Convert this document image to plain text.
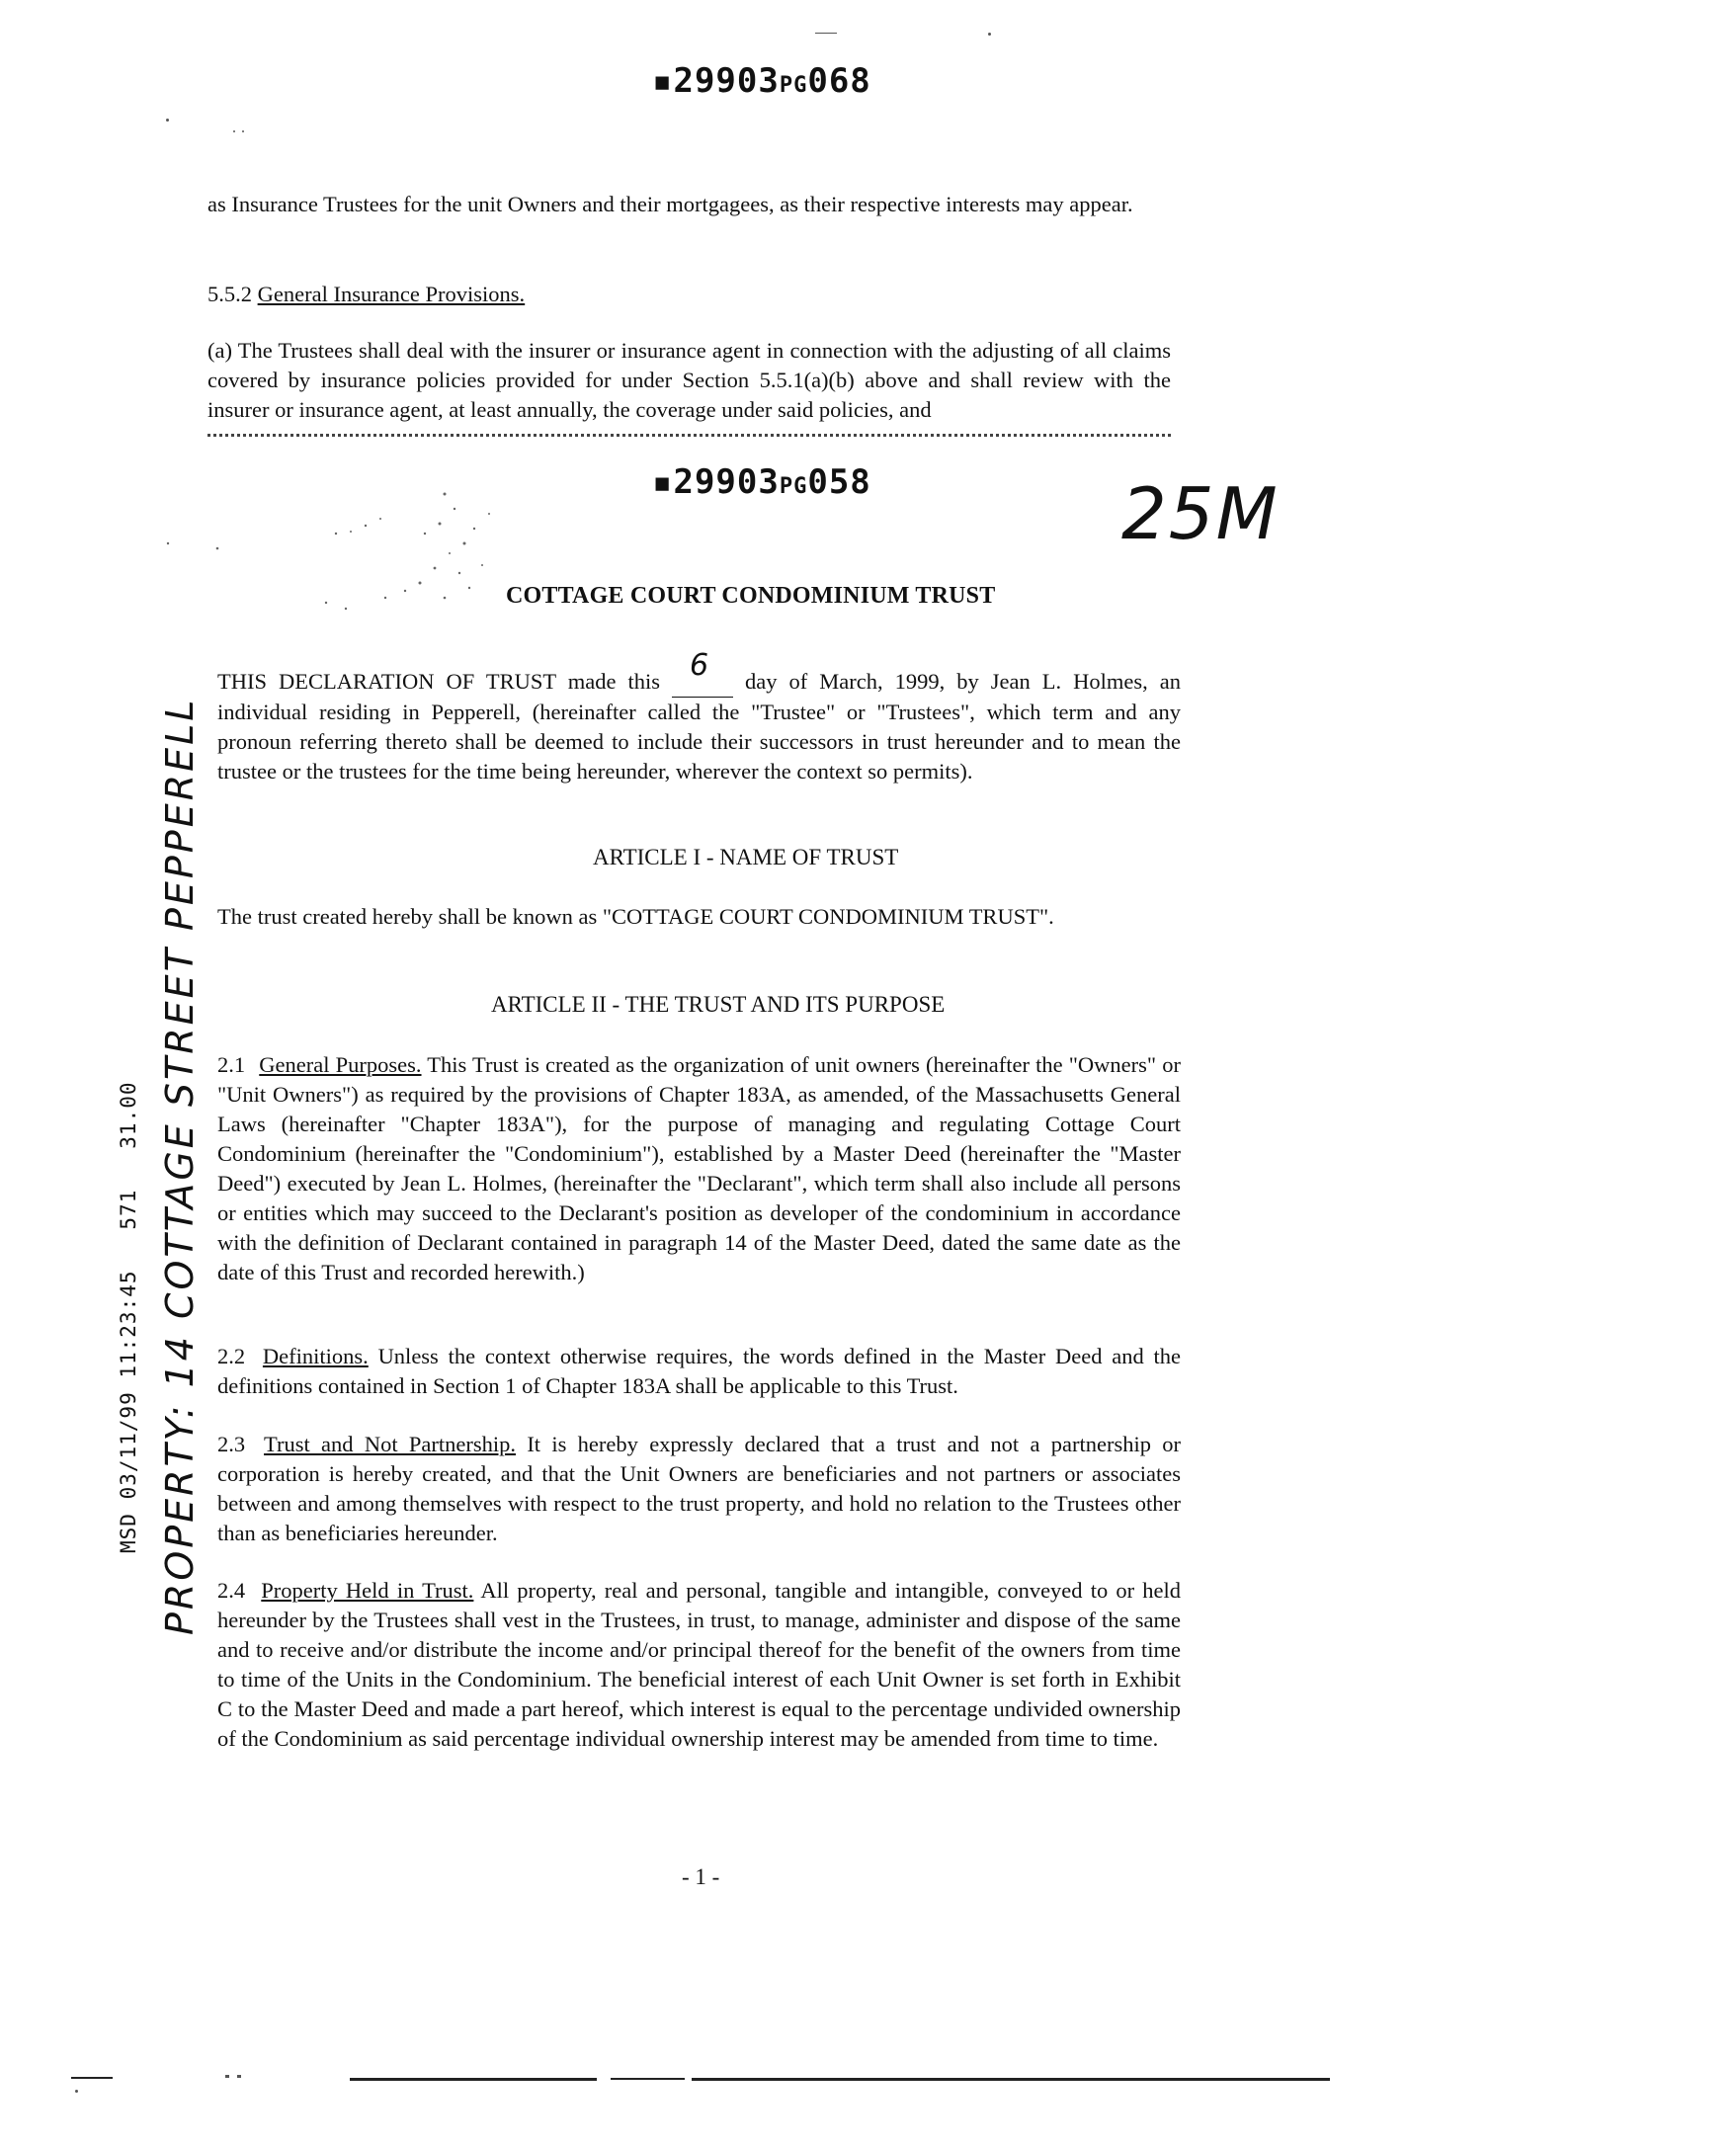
▪29903PG068
as Insurance Trustees for the unit Owners and their mortgagees, as their respective interests may appear.
5.5.2 General Insurance Provisions.
(a) The Trustees shall deal with the insurer or insurance agent in connection with the adjusting of all claims covered by insurance policies provided for under Section 5.5.1(a)(b) above and shall review with the insurer or insurance agent, at least annually, the coverage under said policies, and
▪29903PG058	25M
COTTAGE COURT CONDOMINIUM TRUST
THIS DECLARATION OF TRUST made this 6 day of March, 1999, by Jean L. Holmes, an individual residing in Pepperell, (hereinafter called the "Trustee" or "Trustees", which term and any pronoun referring thereto shall be deemed to include their successors in trust hereunder and to mean the trustee or the trustees for the time being hereunder, wherever the context so permits).
ARTICLE I - NAME OF TRUST
The trust created hereby shall be known as "COTTAGE COURT CONDOMINIUM TRUST".
ARTICLE II - THE TRUST AND ITS PURPOSE
2.1 General Purposes. This Trust is created as the organization of unit owners (hereinafter the "Owners" or "Unit Owners") as required by the provisions of Chapter 183A, as amended, of the Massachusetts General Laws (hereinafter "Chapter 183A"), for the purpose of managing and regulating Cottage Court Condominium (hereinafter the "Condominium"), established by a Master Deed (hereinafter the "Master Deed") executed by Jean L. Holmes, (hereinafter the "Declarant", which term shall also include all persons or entities which may succeed to the Declarant's position as developer of the condominium in accordance with the definition of Declarant contained in paragraph 14 of the Master Deed, dated the same date as the date of this Trust and recorded herewith.)
2.2 Definitions. Unless the context otherwise requires, the words defined in the Master Deed and the definitions contained in Section 1 of Chapter 183A shall be applicable to this Trust.
2.3 Trust and Not Partnership. It is hereby expressly declared that a trust and not a partnership or corporation is hereby created, and that the Unit Owners are beneficiaries and not partners or associates between and among themselves with respect to the trust property, and hold no relation to the Trustees other than as beneficiaries hereunder.
2.4 Property Held in Trust. All property, real and personal, tangible and intangible, conveyed to or held hereunder by the Trustees shall vest in the Trustees, in trust, to manage, administer and dispose of the same and to receive and/or distribute the income and/or principal thereof for the benefit of the owners from time to time of the Units in the Condominium. The beneficial interest of each Unit Owner is set forth in Exhibit C to the Master Deed and made a part hereof, which interest is equal to the percentage undivided ownership of the Condominium as said percentage individual ownership interest may be amended from time to time.
MSD 03/11/99 11:23:45   571   31.00 PROPERTY: 14 COTTAGE STREET PEPPERELL
- 1 -
